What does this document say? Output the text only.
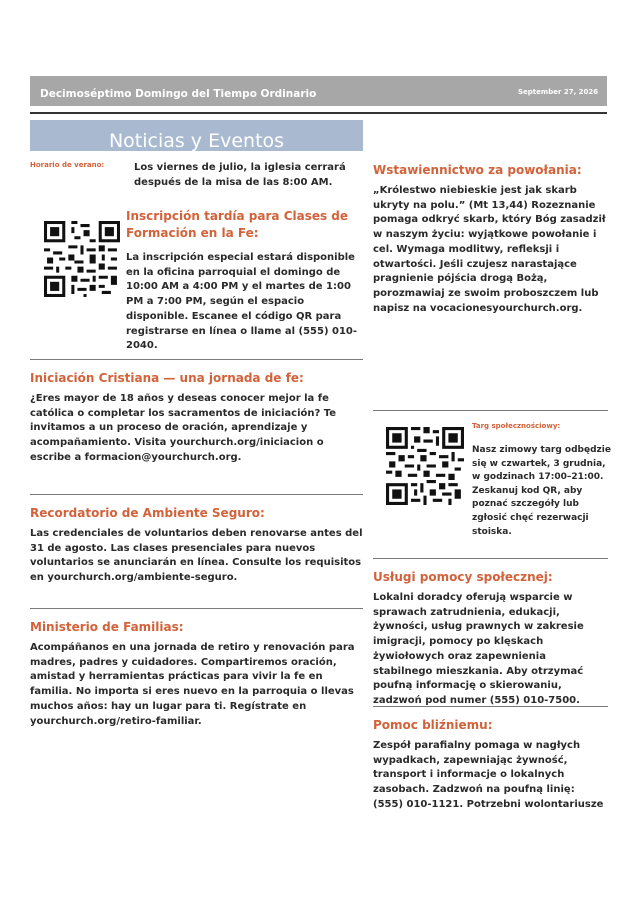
Decimoséptimo Domingo del Tiempo Ordinario	September 27, 2026
Noticias y Eventos
Horario de verano:	Los viernes de julio, la iglesia cerrará después de la misa de las 8:00 AM.
Inscripción tardía para Clases de Formación en la Fe:
La inscripción especial estará disponible en la oficina parroquial el domingo de 10:00 AM a 4:00 PM y el martes de 1:00 PM a 7:00 PM, según el espacio disponible. Escanee el código QR para registrarse en línea o llame al (555) 010-2040.
Iniciación Cristiana — una jornada de fe:
¿Eres mayor de 18 años y deseas conocer mejor la fe católica o completar los sacramentos de iniciación? Te invitamos a un proceso de oración, aprendizaje y acompañamiento. Visita yourchurch.org/iniciacion o escribe a formacion@yourchurch.org.
Recordatorio de Ambiente Seguro:
Las credenciales de voluntarios deben renovarse antes del 31 de agosto. Las clases presenciales para nuevos voluntarios se anunciarán en línea. Consulte los requisitos en yourchurch.org/ambiente-seguro.
Ministerio de Familias:
Acompáñanos en una jornada de retiro y renovación para madres, padres y cuidadores. Compartiremos oración, amistad y herramientas prácticas para vivir la fe en familia. No importa si eres nuevo en la parroquia o llevas muchos años: hay un lugar para ti. Regístrate en yourchurch.org/retiro-familiar.
Wstawiennictwo za powołania:
„Królestwo niebieskie jest jak skarb ukryty na polu.” (Mt 13,44) Rozeznanie pomaga odkryć skarb, który Bóg zasadził w naszym życiu: wyjątkowe powołanie i cel. Wymaga modlitwy, refleksji i otwartości. Jeśli czujesz narastające pragnienie pójścia drogą Bożą, porozmawiaj ze swoim proboszczem lub napisz na vocacionesyourchurch.org.
Targ społecznościowy:
Nasz zimowy targ odbędzie się w czwartek, 3 grudnia, w godzinach 17:00–21:00. Zeskanuj kod QR, aby poznać szczegóły lub zgłosić chęć rezerwacji stoiska.
Usługi pomocy społecznej:
Lokalni doradcy oferują wsparcie w sprawach zatrudnienia, edukacji, żywności, usług prawnych w zakresie imigracji, pomocy po klęskach żywiołowych oraz zapewnienia stabilnego mieszkania. Aby otrzymać poufną informację o skierowaniu, zadzwoń pod numer (555) 010-7500.
Pomoc bliźniemu:
Zespół parafialny pomaga w nagłych wypadkach, zapewniając żywność, transport i informacje o lokalnych zasobach. Zadzwoń na poufną linię: (555) 010-1121. Potrzebni wolontariusze
